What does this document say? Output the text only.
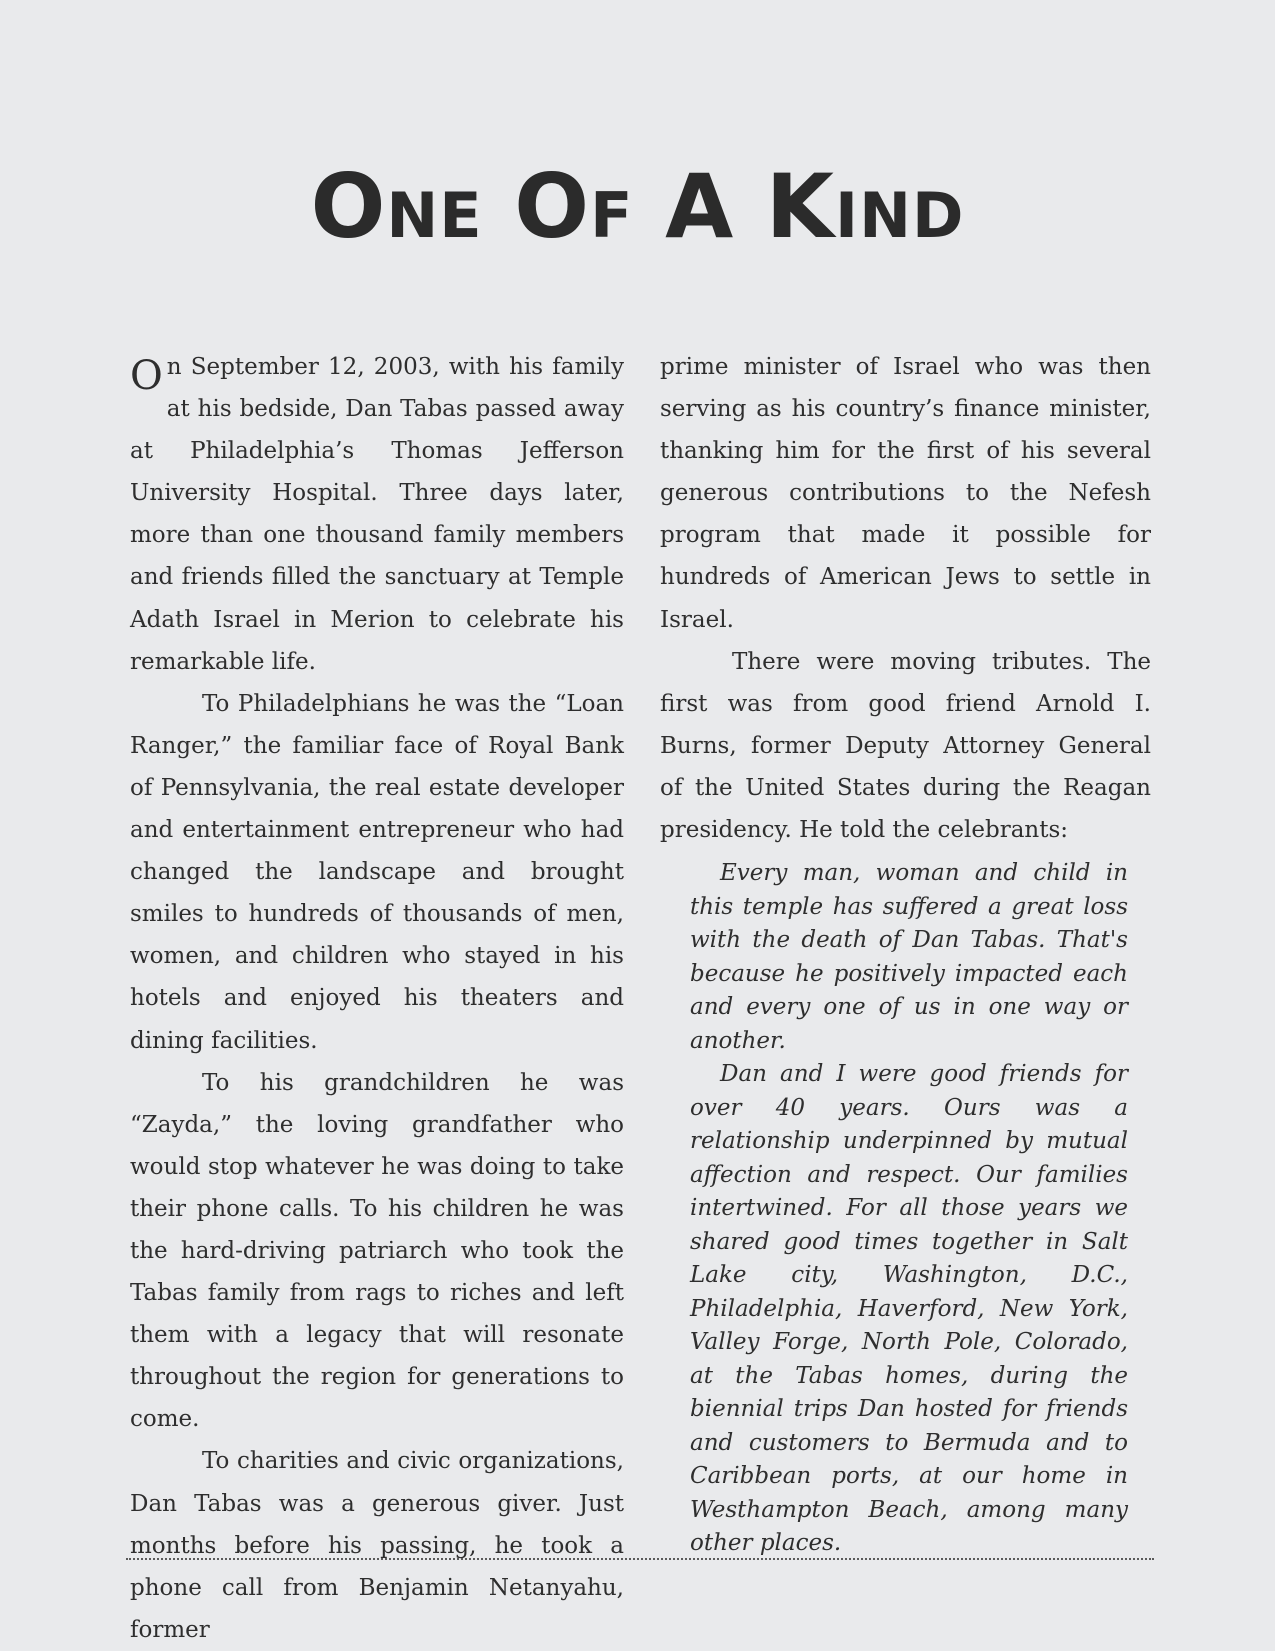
One Of A Kind

On September 12, 2003, with his family at his bedside, Dan Tabas passed away at Philadelphia’s Thomas Jefferson University Hospital. Three days later, more than one thousand family members and friends filled the sanctuary at Temple Adath Israel in Merion to celebrate his remarkable life.

To Philadelphians he was the “Loan Ranger,” the familiar face of Royal Bank of Pennsylvania, the real estate developer and entertainment entrepreneur who had changed the landscape and brought smiles to hundreds of thousands of men, women, and children who stayed in his hotels and enjoyed his theaters and dining facilities.

To his grandchildren he was “Zayda,” the loving grandfather who would stop whatever he was doing to take their phone calls. To his children he was the hard-driving patriarch who took the Tabas family from rags to riches and left them with a legacy that will resonate throughout the region for generations to come.

To charities and civic organizations, Dan Tabas was a generous giver. Just months before his passing, he took a phone call from Benjamin Netanyahu, former

prime minister of Israel who was then serving as his country’s finance minister, thanking him for the first of his several generous contributions to the Nefesh program that made it possible for hundreds of American Jews to settle in Israel.

There were moving tributes. The first was from good friend Arnold I. Burns, former Deputy Attorney General of the United States during the Reagan presidency. He told the celebrants:

Every man, woman and child in this temple has suffered a great loss with the death of Dan Tabas. That's because he positively impacted each and every one of us in one way or another.

Dan and I were good friends for over 40 years. Ours was a relationship underpinned by mutual affection and respect. Our families intertwined. For all those years we shared good times together in Salt Lake city, Washington, D.C., Philadelphia, Haverford, New York, Valley Forge, North Pole, Colorado, at the Tabas homes, during the biennial trips Dan hosted for friends and customers to Bermuda and to Caribbean ports, at our home in Westhampton Beach, among many other places.
